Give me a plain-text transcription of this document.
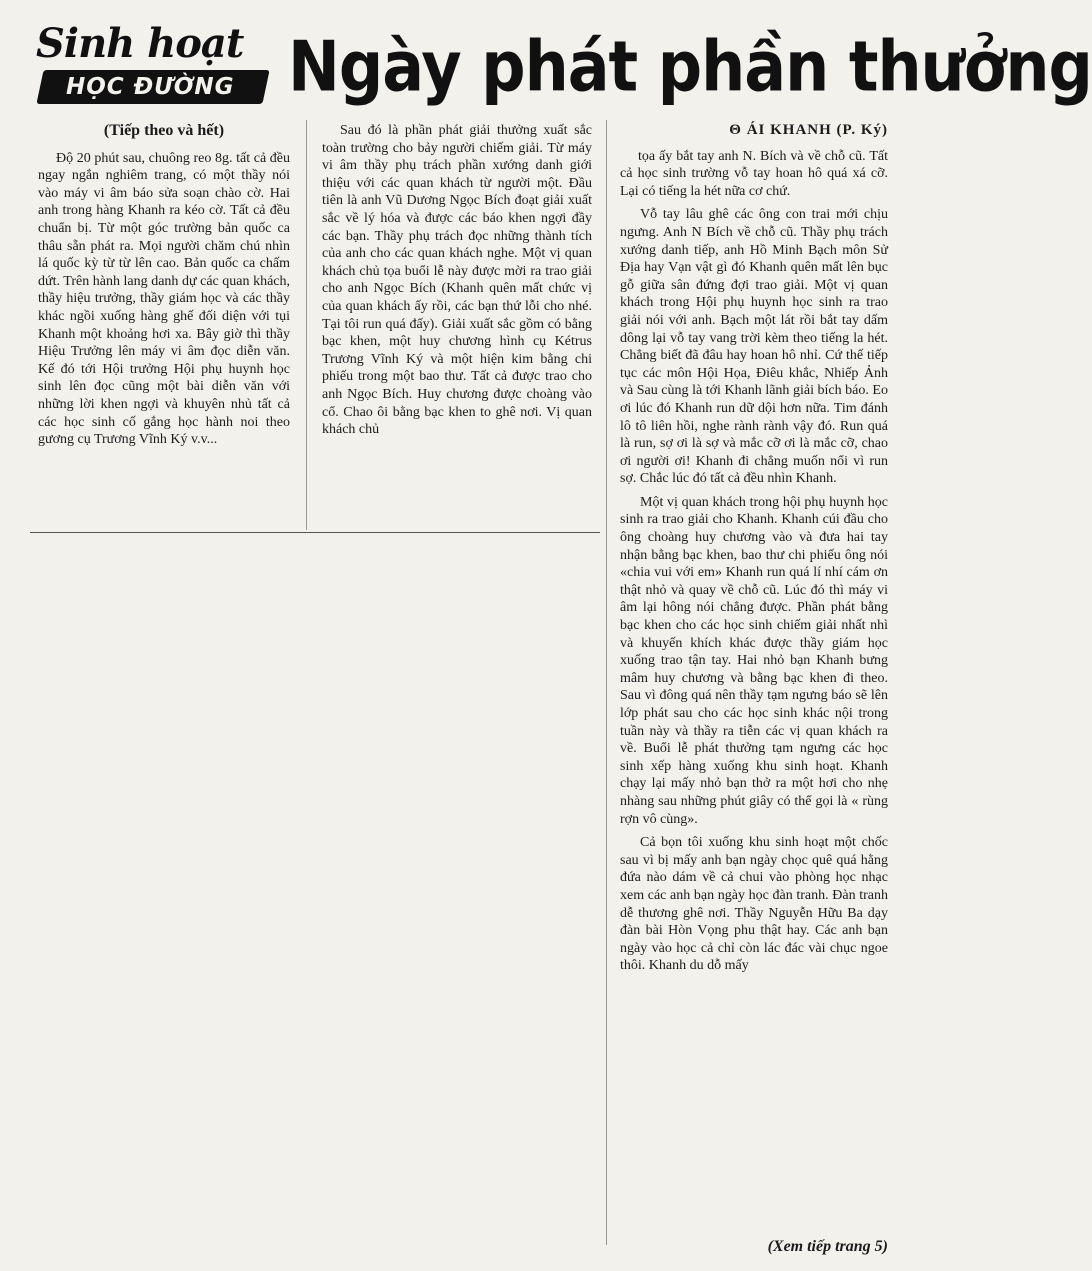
Sinh hoạt
HỌC ĐƯỜNG Ngày phát phần thưởng
(Tiếp theo và hết)

Độ 20 phút sau, chuông reo 8g. tất cả đều ngay ngắn nghiêm trang, có một thầy nói vào máy vi âm báo sửa soạn chào cờ. Hai anh trong hàng Khanh ra kéo cờ. Tất cả đều chuẩn bị. Từ một góc trường bản quốc ca thâu sẵn phát ra. Mọi người chăm chú nhìn lá quốc kỳ từ từ lên cao. Bản quốc ca chấm dứt. Trên hành lang danh dự các quan khách, thầy hiệu trưởng, thầy giám học và các thầy khác ngồi xuống hàng ghế đối diện với tụi Khanh một khoảng hơi xa. Bây giờ thì thầy Hiệu Trưởng lên máy vi âm đọc diễn văn. Kế đó tới Hội trưởng Hội phụ huynh học sinh lên đọc cũng một bài diễn văn với những lời khen ngợi và khuyên nhủ tất cả các học sinh cố gắng học hành noi theo gương cụ Trương Vĩnh Ký v.v...

Sau đó là phần phát giải thưởng xuất sắc toàn trường cho bảy người chiếm giải. Từ máy vi âm thầy phụ trách phần xướng danh giới thiệu với các quan khách từ người một. Đầu tiên là anh Vũ Dương Ngọc Bích đoạt giải xuất sắc về lý hóa và được các báo khen ngợi đầy các bạn. Thầy phụ trách đọc những thành tích của anh cho các quan khách nghe. Một vị quan khách chủ tọa buổi lễ này được mời ra trao giải cho anh Ngọc Bích (Khanh quên mất chức vị của quan khách ấy rồi, các bạn thứ lỗi cho nhé. Tại tôi run quá đấy). Giải xuất sắc gồm có bằng bạc khen, một huy chương hình cụ Kétrus Trương Vĩnh Ký và một hiện kim bằng chi phiếu trong một bao thư. Tất cả được trao cho anh Ngọc Bích. Huy chương được choàng vào cổ. Chao ôi bằng bạc khen to ghê nơi. Vị quan khách chủ

Θ ÁI KHANH (P. Ký)

tọa ấy bắt tay anh N. Bích và về chỗ cũ. Tất cả học sinh trường vỗ tay hoan hô quá xá cỡ. Lại có tiếng la hét nữa cơ chứ.

Vỗ tay lâu ghê các ông con trai mới chịu ngưng. Anh N Bích về chỗ cũ. Thầy phụ trách xướng danh tiếp, anh Hồ Minh Bạch môn Sử Địa hay Vạn vật gì đó Khanh quên mất lên bục gỗ giữa sân đứng đợi trao giải. Một vị quan khách trong Hội phụ huynh học sinh ra trao giải nói với anh. Bạch một lát rồi bắt tay dấm dông lại vỗ tay vang trời kèm theo tiếng la hét. Chẳng biết đã đâu hay hoan hô nhỉ. Cứ thế tiếp tục các môn Hội Họa, Điêu khắc, Nhiếp Ảnh và Sau cùng là tới Khanh lãnh giải bích báo. Eo ơi lúc đó Khanh run dữ dội hơn nữa. Tim đánh lô tô liên hồi, nghe rành rành vậy đó. Run quá là run, sợ ơi là sợ và mắc cỡ ơi là mắc cỡ, chao ơi người ơi! Khanh đi chẳng muốn nổi vì run sợ. Chắc lúc đó tất cả đều nhìn Khanh.

Một vị quan khách trong hội phụ huynh học sinh ra trao giải cho Khanh. Khanh cúi đầu cho ông choàng huy chương vào và đưa hai tay nhận bằng bạc khen, bao thư chi phiếu ông nói «chia vui với em» Khanh run quá lí nhí cám ơn thật nhỏ và quay về chỗ cũ. Lúc đó thì máy vi âm lại hông nói chẳng được. Phần phát bằng bạc khen cho các học sinh chiếm giải nhất nhì và khuyến khích khác được thầy giám học xuống trao tận tay. Hai nhỏ bạn Khanh bưng mâm huy chương và bằng bạc khen đi theo. Sau vì đông quá nên thầy tạm ngưng báo sẽ lên lớp phát sau cho các học sinh khác nội trong tuần này và thầy ra tiễn các vị quan khách ra về. Buổi lễ phát thưởng tạm ngưng các học sinh xếp hàng xuống khu sinh hoạt. Khanh chạy lại mấy nhỏ bạn thở ra một hơi cho nhẹ nhàng sau những phút giây có thể gọi là « rùng rợn vô cùng».

Cả bọn tôi xuống khu sinh hoạt một chốc sau vì bị mấy anh bạn ngày chọc quê quá hằng đứa nào dám về cả chui vào phòng học nhạc xem các anh bạn ngày học đàn tranh. Đàn tranh dễ thương ghê nơi. Thầy Nguyễn Hữu Ba dạy đàn bài Hòn Vọng phu thật hay. Các anh bạn ngày vào học cả chỉ còn lác đác vài chục ngoe thôi. Khanh du dỗ mấy

(Xem tiếp trang 5)
